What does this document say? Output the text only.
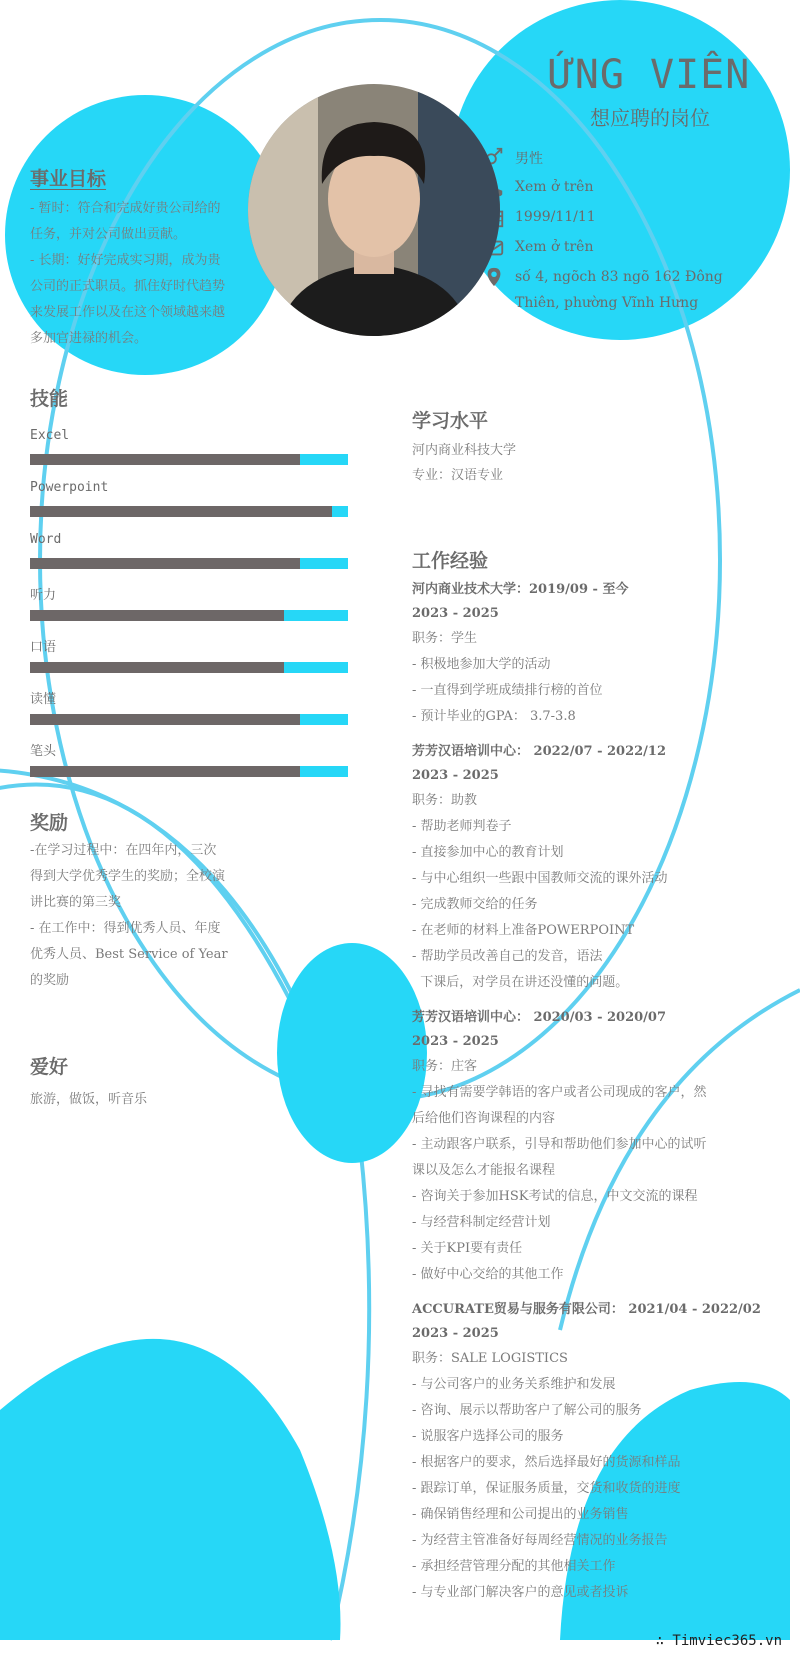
ỨNG VIÊN
想应聘的岗位
男性
Xem ở trên
1999/11/11
Xem ở trên
số 4, ngõch 83 ngõ 162 Đông Thiên, phường Vĩnh Hưng
事业目标
- 暂时：符合和完成好贵公司给的
任务，并对公司做出贡献。
- 长期：好好完成实习期，成为贵
公司的正式职员。抓住好时代趋势
来发展工作以及在这个领域越来越
多加官进禄的机会。
技能
Excel
Powerpoint
Word
听力
口语
读懂
笔头
奖励
-在学习过程中：在四年内，三次
得到大学优秀学生的奖励；全校演
讲比赛的第三奖
- 在工作中：得到优秀人员、年度
优秀人员、Best Service of Year
的奖励
爱好
旅游，做饭，听音乐
学习水平
河内商业科技大学
专业：汉语专业
工作经验
河内商业技术大学：2019/09 - 至今
2023 - 2025
职务：学生
- 积极地参加大学的活动
- 一直得到学班成绩排行榜的首位
- 预计毕业的GPA： 3.7-3.8
芳芳汉语培训中心： 2022/07 - 2022/12
2023 - 2025
职务：助教
- 帮助老师判卷子
- 直接参加中心的教育计划
- 与中心组织一些跟中国教师交流的课外活动
- 完成教师交给的任务
- 在老师的材料上准备POWERPOINT
- 帮助学员改善自己的发音，语法
下课后，对学员在讲还没懂的问题。
芳芳汉语培训中心： 2020/03 - 2020/07
2023 - 2025
职务：庄客
- 寻找有需要学韩语的客户或者公司现成的客户，然
后给他们咨询课程的内容
- 主动跟客户联系，引导和帮助他们参加中心的试听
课以及怎么才能报名课程
- 咨询关于参加HSK考试的信息，中文交流的课程
- 与经营科制定经营计划
- 关于KPI要有责任
- 做好中心交给的其他工作
ACCURATE贸易与服务有限公司： 2021/04 - 2022/02
2023 - 2025
职务：SALE LOGISTICS
- 与公司客户的业务关系维护和发展
- 咨询、展示以帮助客户了解公司的服务
- 说服客户选择公司的服务
- 根据客户的要求，然后选择最好的货源和样品
- 跟踪订单，保证服务质量，交货和收货的进度
- 确保销售经理和公司提出的业务销售
- 为经营主管准备好每周经营情况的业务报告
- 承担经营管理分配的其他相关工作
- 与专业部门解决客户的意见或者投诉
∴ Timviec365.vn
